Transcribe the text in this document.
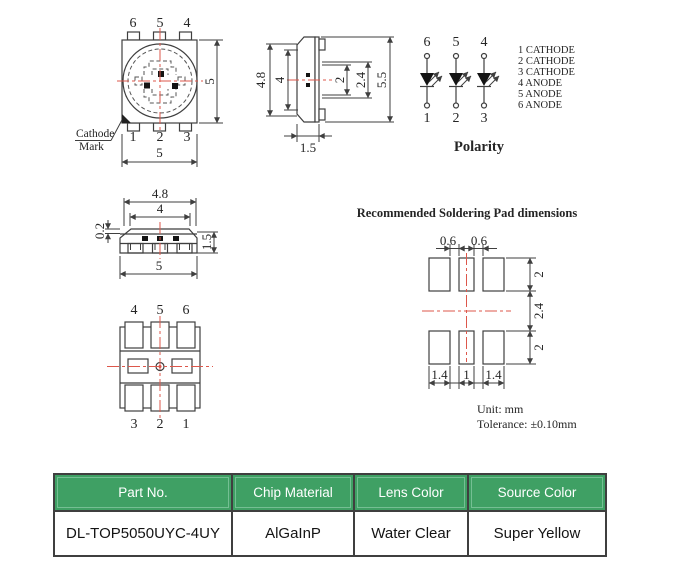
6 5 4
5
5
Cathode
Mark
1 2 3
4.8 4	2 2.4 5.5
1.5
6
1
5
2
4
3
1 CATHODE
2 CATHODE
3 CATHODE
4 ANODE
5 ANODE
6 ANODE
Polarity
4.8
4
0.2
1.5
5
4 5 6
3 2 1
Recommended Soldering Pad dimensions
0.6 0.6
2
2.4
2
1.4 1 1.4
Unit: mm
Tolerance: ±0.10mm
Part No.	Chip Material	Lens Color	Source Color
DL-TOP5050UYC-4UY	AlGaInP	Water Clear	Super Yellow
